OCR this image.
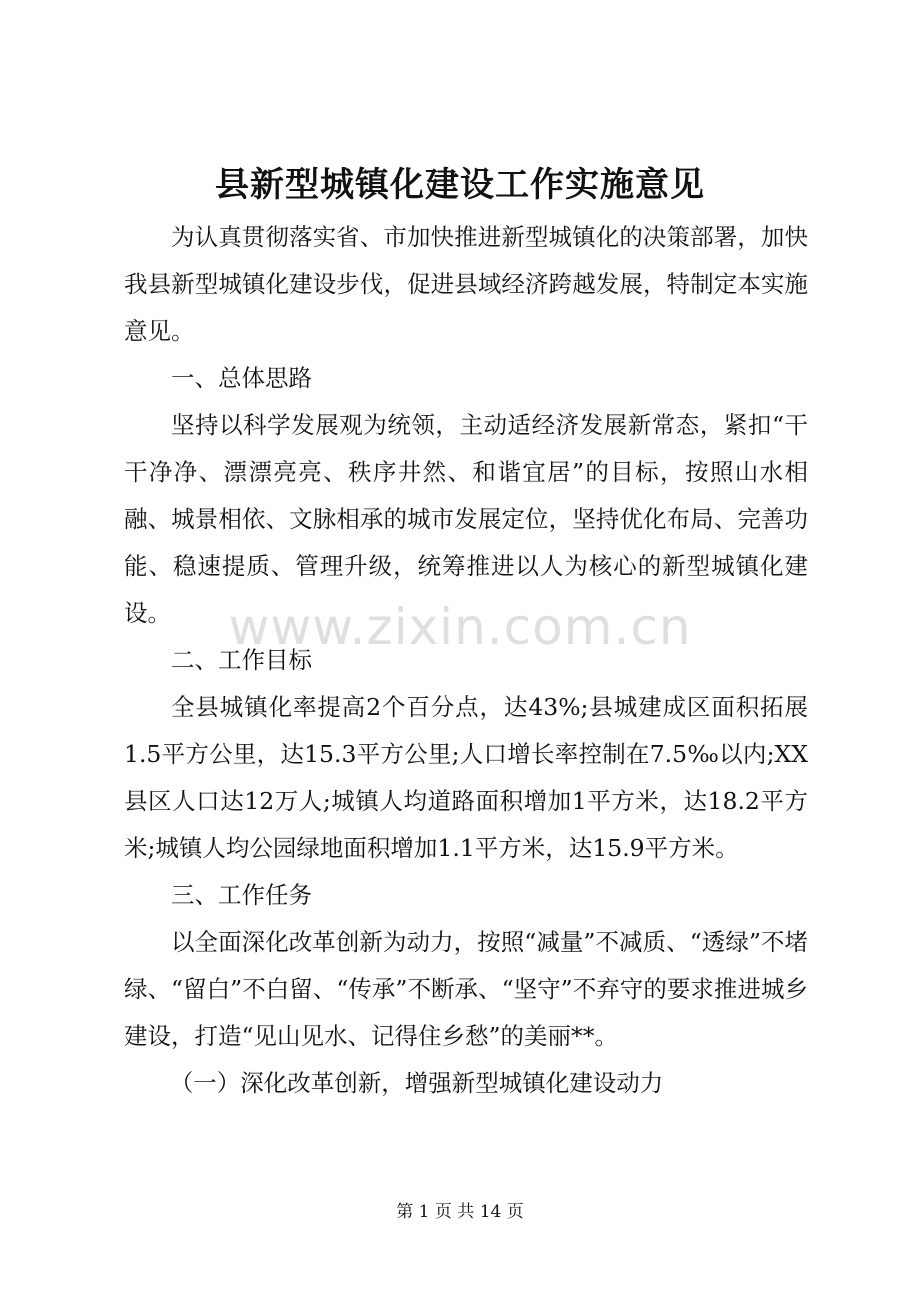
县新型城镇化建设工作实施意见

为认真贯彻落实省、市加快推进新型城镇化的决策部署，加快我县新型城镇化建设步伐，促进县域经济跨越发展，特制定本实施意见。

一、总体思路

坚持以科学发展观为统领，主动适经济发展新常态，紧扣“干干净净、漂漂亮亮、秩序井然、和谐宜居”的目标，按照山水相融、城景相依、文脉相承的城市发展定位，坚持优化布局、完善功能、稳速提质、管理升级，统筹推进以人为核心的新型城镇化建设。

二、工作目标

全县城镇化率提高2个百分点，达43%;县城建成区面积拓展1.5平方公里，达15.3平方公里;人口增长率控制在7.5‰以内;XX县区人口达12万人;城镇人均道路面积增加1平方米，达18.2平方米;城镇人均公园绿地面积增加1.1平方米，达15.9平方米。

三、工作任务

以全面深化改革创新为动力，按照“减量”不减质、“透绿”不堵绿、“留白”不白留、“传承”不断承、“坚守”不弃守的要求推进城乡建设，打造“见山见水、记得住乡愁”的美丽**。

（一）深化改革创新，增强新型城镇化建设动力

www.zixin.com.cn
第 1 页 共 14 页
